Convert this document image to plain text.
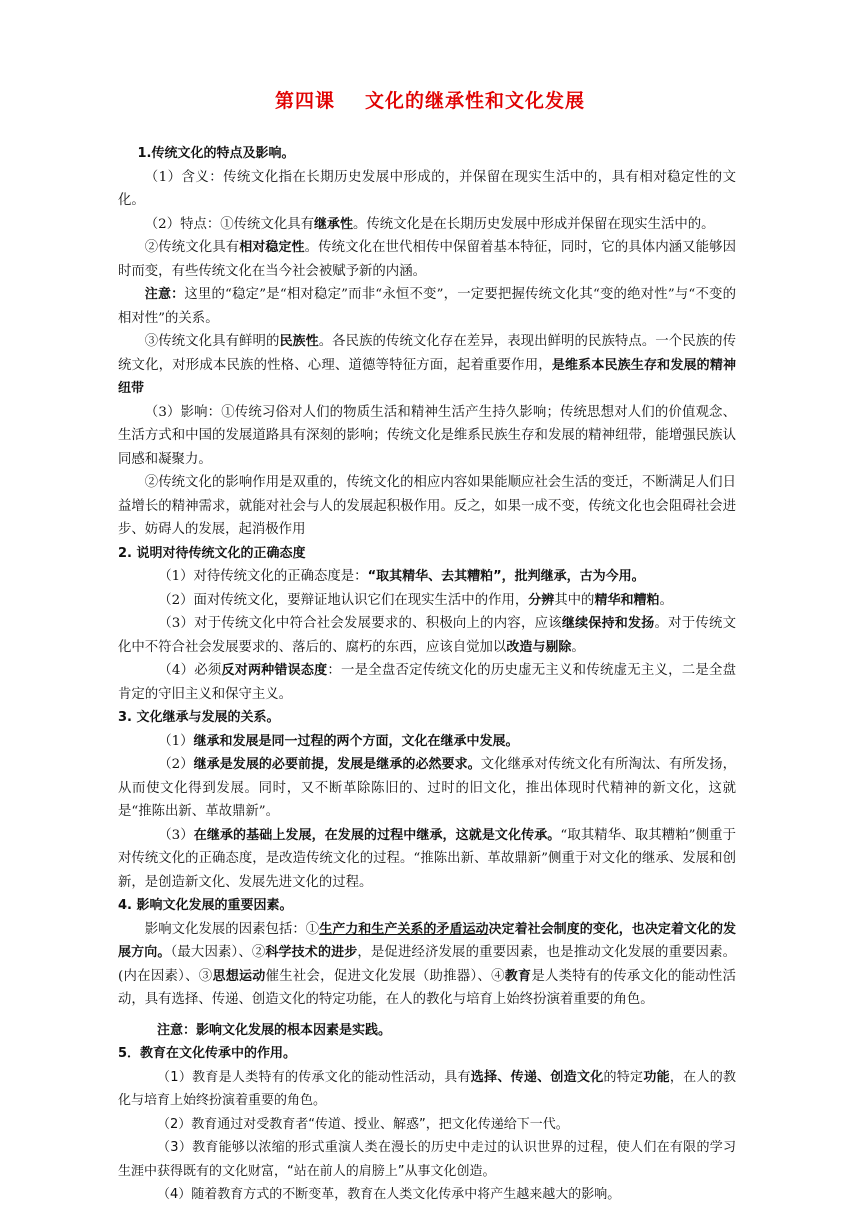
第四课 文化的继承性和文化发展

1.传统文化的特点及影响。

（1）含义：传统文化指在长期历史发展中形成的，并保留在现实生活中的，具有相对稳定性的文化。

（2）特点：①传统文化具有继承性。传统文化是在长期历史发展中形成并保留在现实生活中的。

②传统文化具有相对稳定性。传统文化在世代相传中保留着基本特征，同时，它的具体内涵又能够因时而变，有些传统文化在当今社会被赋予新的内涵。

注意：这里的“稳定”是“相对稳定”而非“永恒不变”，一定要把握传统文化其“变的绝对性”与“不变的相对性”的关系。

③传统文化具有鲜明的民族性。各民族的传统文化存在差异，表现出鲜明的民族特点。一个民族的传统文化，对形成本民族的性格、心理、道德等特征方面，起着重要作用，是维系本民族生存和发展的精神纽带

（3）影响：①传统习俗对人们的物质生活和精神生活产生持久影响；传统思想对人们的价值观念、生活方式和中国的发展道路具有深刻的影响；传统文化是维系民族生存和发展的精神纽带，能增强民族认同感和凝聚力。

②传统文化的影响作用是双重的，传统文化的相应内容如果能顺应社会生活的变迁，不断满足人们日益增长的精神需求，就能对社会与人的发展起积极作用。反之，如果一成不变，传统文化也会阻碍社会进步、妨碍人的发展，起消极作用

2. 说明对待传统文化的正确态度

（1）对待传统文化的正确态度是：“取其精华、去其糟粕”，批判继承，古为今用。

（2）面对传统文化，要辩证地认识它们在现实生活中的作用，分辨其中的精华和糟粕。

（3）对于传统文化中符合社会发展要求的、积极向上的内容，应该继续保持和发扬。对于传统文化中不符合社会发展要求的、落后的、腐朽的东西，应该自觉加以改造与剔除。

（4）必须反对两种错误态度：一是全盘否定传统文化的历史虚无主义和传统虚无主义，二是全盘肯定的守旧主义和保守主义。

3. 文化继承与发展的关系。

（1）继承和发展是同一过程的两个方面，文化在继承中发展。

（2）继承是发展的必要前提，发展是继承的必然要求。文化继承对传统文化有所淘汰、有所发扬，从而使文化得到发展。同时，又不断革除陈旧的、过时的旧文化，推出体现时代精神的新文化，这就是“推陈出新、革故鼎新”。

（3）在继承的基础上发展，在发展的过程中继承，这就是文化传承。“取其精华、取其糟粕”侧重于对传统文化的正确态度，是改造传统文化的过程。“推陈出新、革故鼎新”侧重于对文化的继承、发展和创新，是创造新文化、发展先进文化的过程。

4. 影响文化发展的重要因素。

影响文化发展的因素包括：①生产力和生产关系的矛盾运动决定着社会制度的变化，也决定着文化的发展方向。（最大因素）、②科学技术的进步，是促进经济发展的重要因素，也是推动文化发展的重要因素。(内在因素）、③思想运动催生社会，促进文化发展（助推器）、④教育是人类特有的传承文化的能动性活动，具有选择、传递、创造文化的特定功能，在人的教化与培育上始终扮演着重要的角色。

注意：影响文化发展的根本因素是实践。

5．教育在文化传承中的作用。

（1）教育是人类特有的传承文化的能动性活动，具有选择、传递、创造文化的特定功能，在人的教化与培育上始终扮演着重要的角色。

（2）教育通过对受教育者“传道、授业、解惑”，把文化传递给下一代。

（3）教育能够以浓缩的形式重演人类在漫长的历史中走过的认识世界的过程，使人们在有限的学习生涯中获得既有的文化财富，“站在前人的肩膀上”从事文化创造。

（4）随着教育方式的不断变革，教育在人类文化传承中将产生越来越大的影响。
